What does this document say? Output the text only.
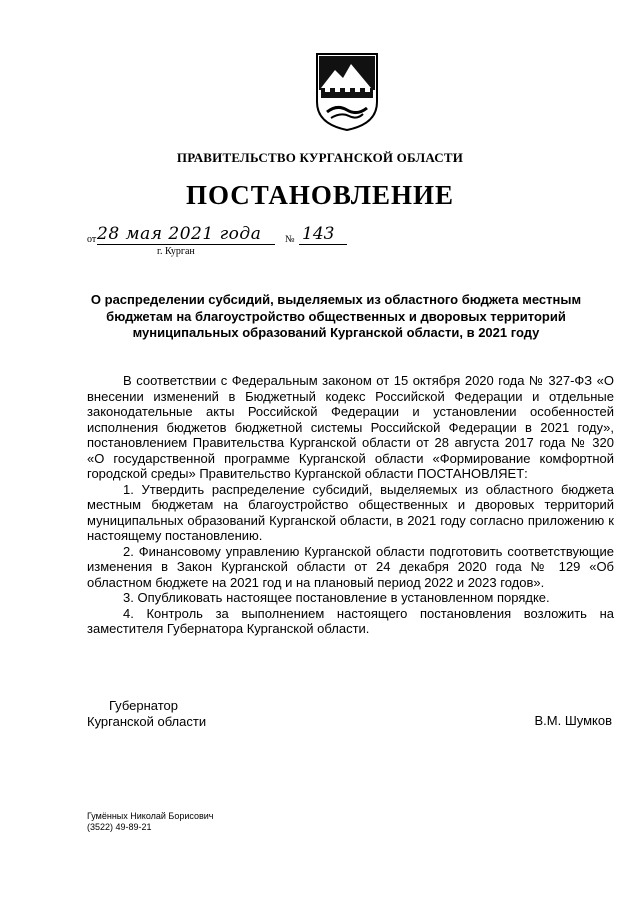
ПРАВИТЕЛЬСТВО КУРГАНСКОЙ ОБЛАСТИ
ПОСТАНОВЛЕНИЕ
от 28 мая 2021 года № 143
г. Курган
О распределении субсидий, выделяемых из областного бюджета местным бюджетам на благоустройство общественных и дворовых территорий муниципальных образований Курганской области, в 2021 году

В соответствии с Федеральным законом от 15 октября 2020 года № 327-ФЗ «О внесении изменений в Бюджетный кодекс Российской Федерации и отдельные законодательные акты Российской Федерации и установлении особенностей исполнения бюджетов бюджетной системы Российской Федерации в 2021 году», постановлением Правительства Курганской области от 28 августа 2017 года № 320 «О государственной программе Курганской области «Формирование комфортной городской среды» Правительство Курганской области ПОСТАНОВЛЯЕТ:

1. Утвердить распределение субсидий, выделяемых из областного бюджета местным бюджетам на благоустройство общественных и дворовых территорий муниципальных образований Курганской области, в 2021 году согласно приложению к настоящему постановлению.

2. Финансовому управлению Курганской области подготовить соответствующие изменения в Закон Курганской области от 24 декабря 2020 года № 129 «Об областном бюджете на 2021 год и на плановый период 2022 и 2023 годов».

3. Опубликовать настоящее постановление в установленном порядке.

4. Контроль за выполнением настоящего постановления возложить на заместителя Губернатора Курганской области.

Губернатор
Курганской области	В.М. Шумков
Гумённых Николай Борисович
(3522) 49-89-21
